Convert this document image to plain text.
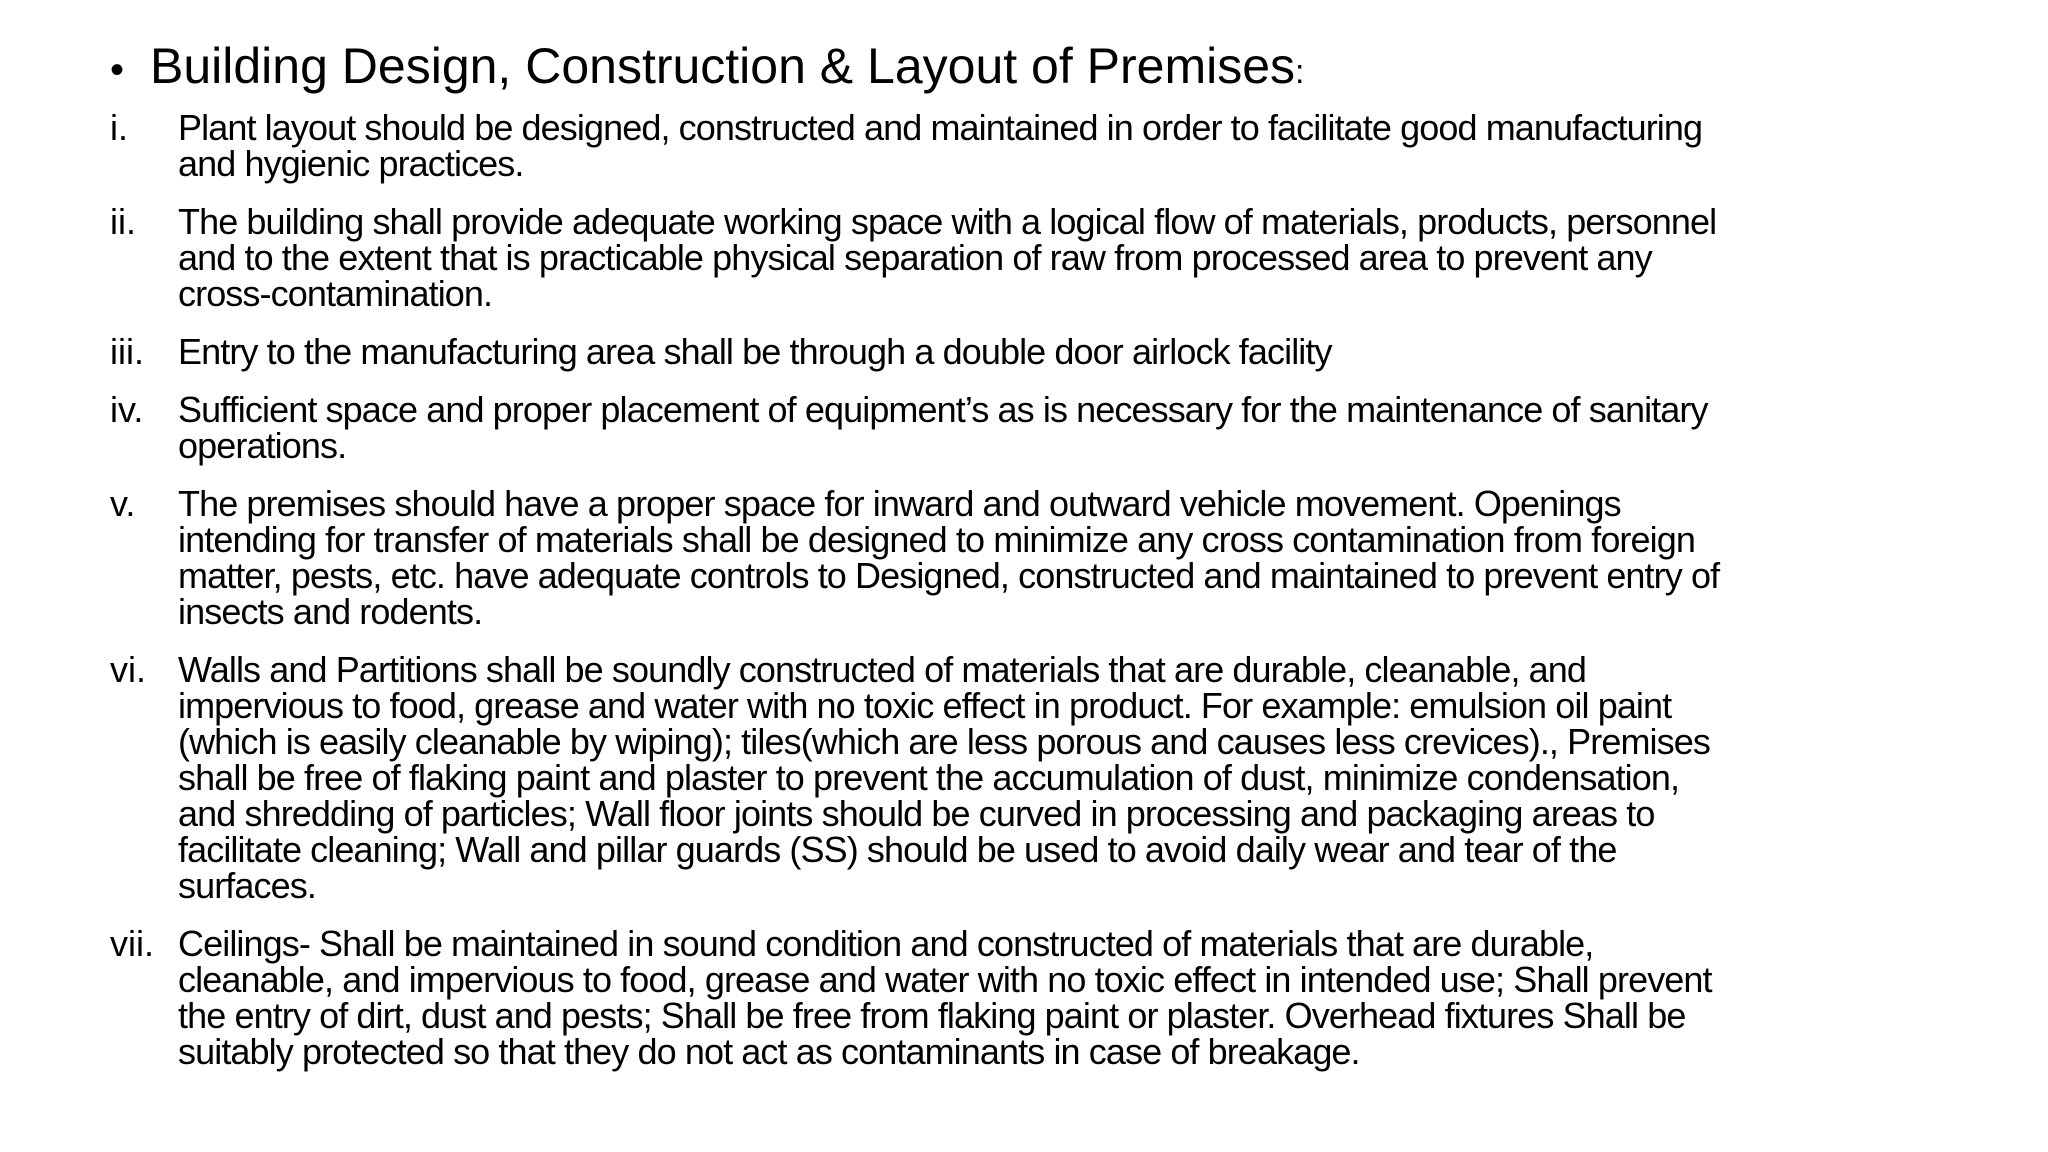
• Building Design, Construction & Layout of Premises:
i.	Plant layout should be designed, constructed and maintained in order to facilitate good manufacturing
and hygienic practices.
ii.	The building shall provide adequate working space with a logical flow of materials, products, personnel
and to the extent that is practicable physical separation of raw from processed area to prevent any
cross-contamination.
iii. Entry to the manufacturing area shall be through a double door airlock facility
iv. Sufficient space and proper placement of equipment’s as is necessary for the maintenance of sanitary
operations.
v.	The premises should have a proper space for inward and outward vehicle movement. Openings
intending for transfer of materials shall be designed to minimize any cross contamination from foreign
matter, pests, etc. have adequate controls to Designed, constructed and maintained to prevent entry of
insects and rodents.
vi. Walls and Partitions shall be soundly constructed of materials that are durable, cleanable, and
impervious to food, grease and water with no toxic effect in product. For example: emulsion oil paint
(which is easily cleanable by wiping); tiles(which are less porous and causes less crevices)., Premises
shall be free of flaking paint and plaster to prevent the accumulation of dust, minimize condensation,
and shredding of particles; Wall floor joints should be curved in processing and packaging areas to
facilitate cleaning; Wall and pillar guards (SS) should be used to avoid daily wear and tear of the
surfaces.
vii. Ceilings- Shall be maintained in sound condition and constructed of materials that are durable,
cleanable, and impervious to food, grease and water with no toxic effect in intended use; Shall prevent
the entry of dirt, dust and pests; Shall be free from flaking paint or plaster. Overhead fixtures Shall be
suitably protected so that they do not act as contaminants in case of breakage.
